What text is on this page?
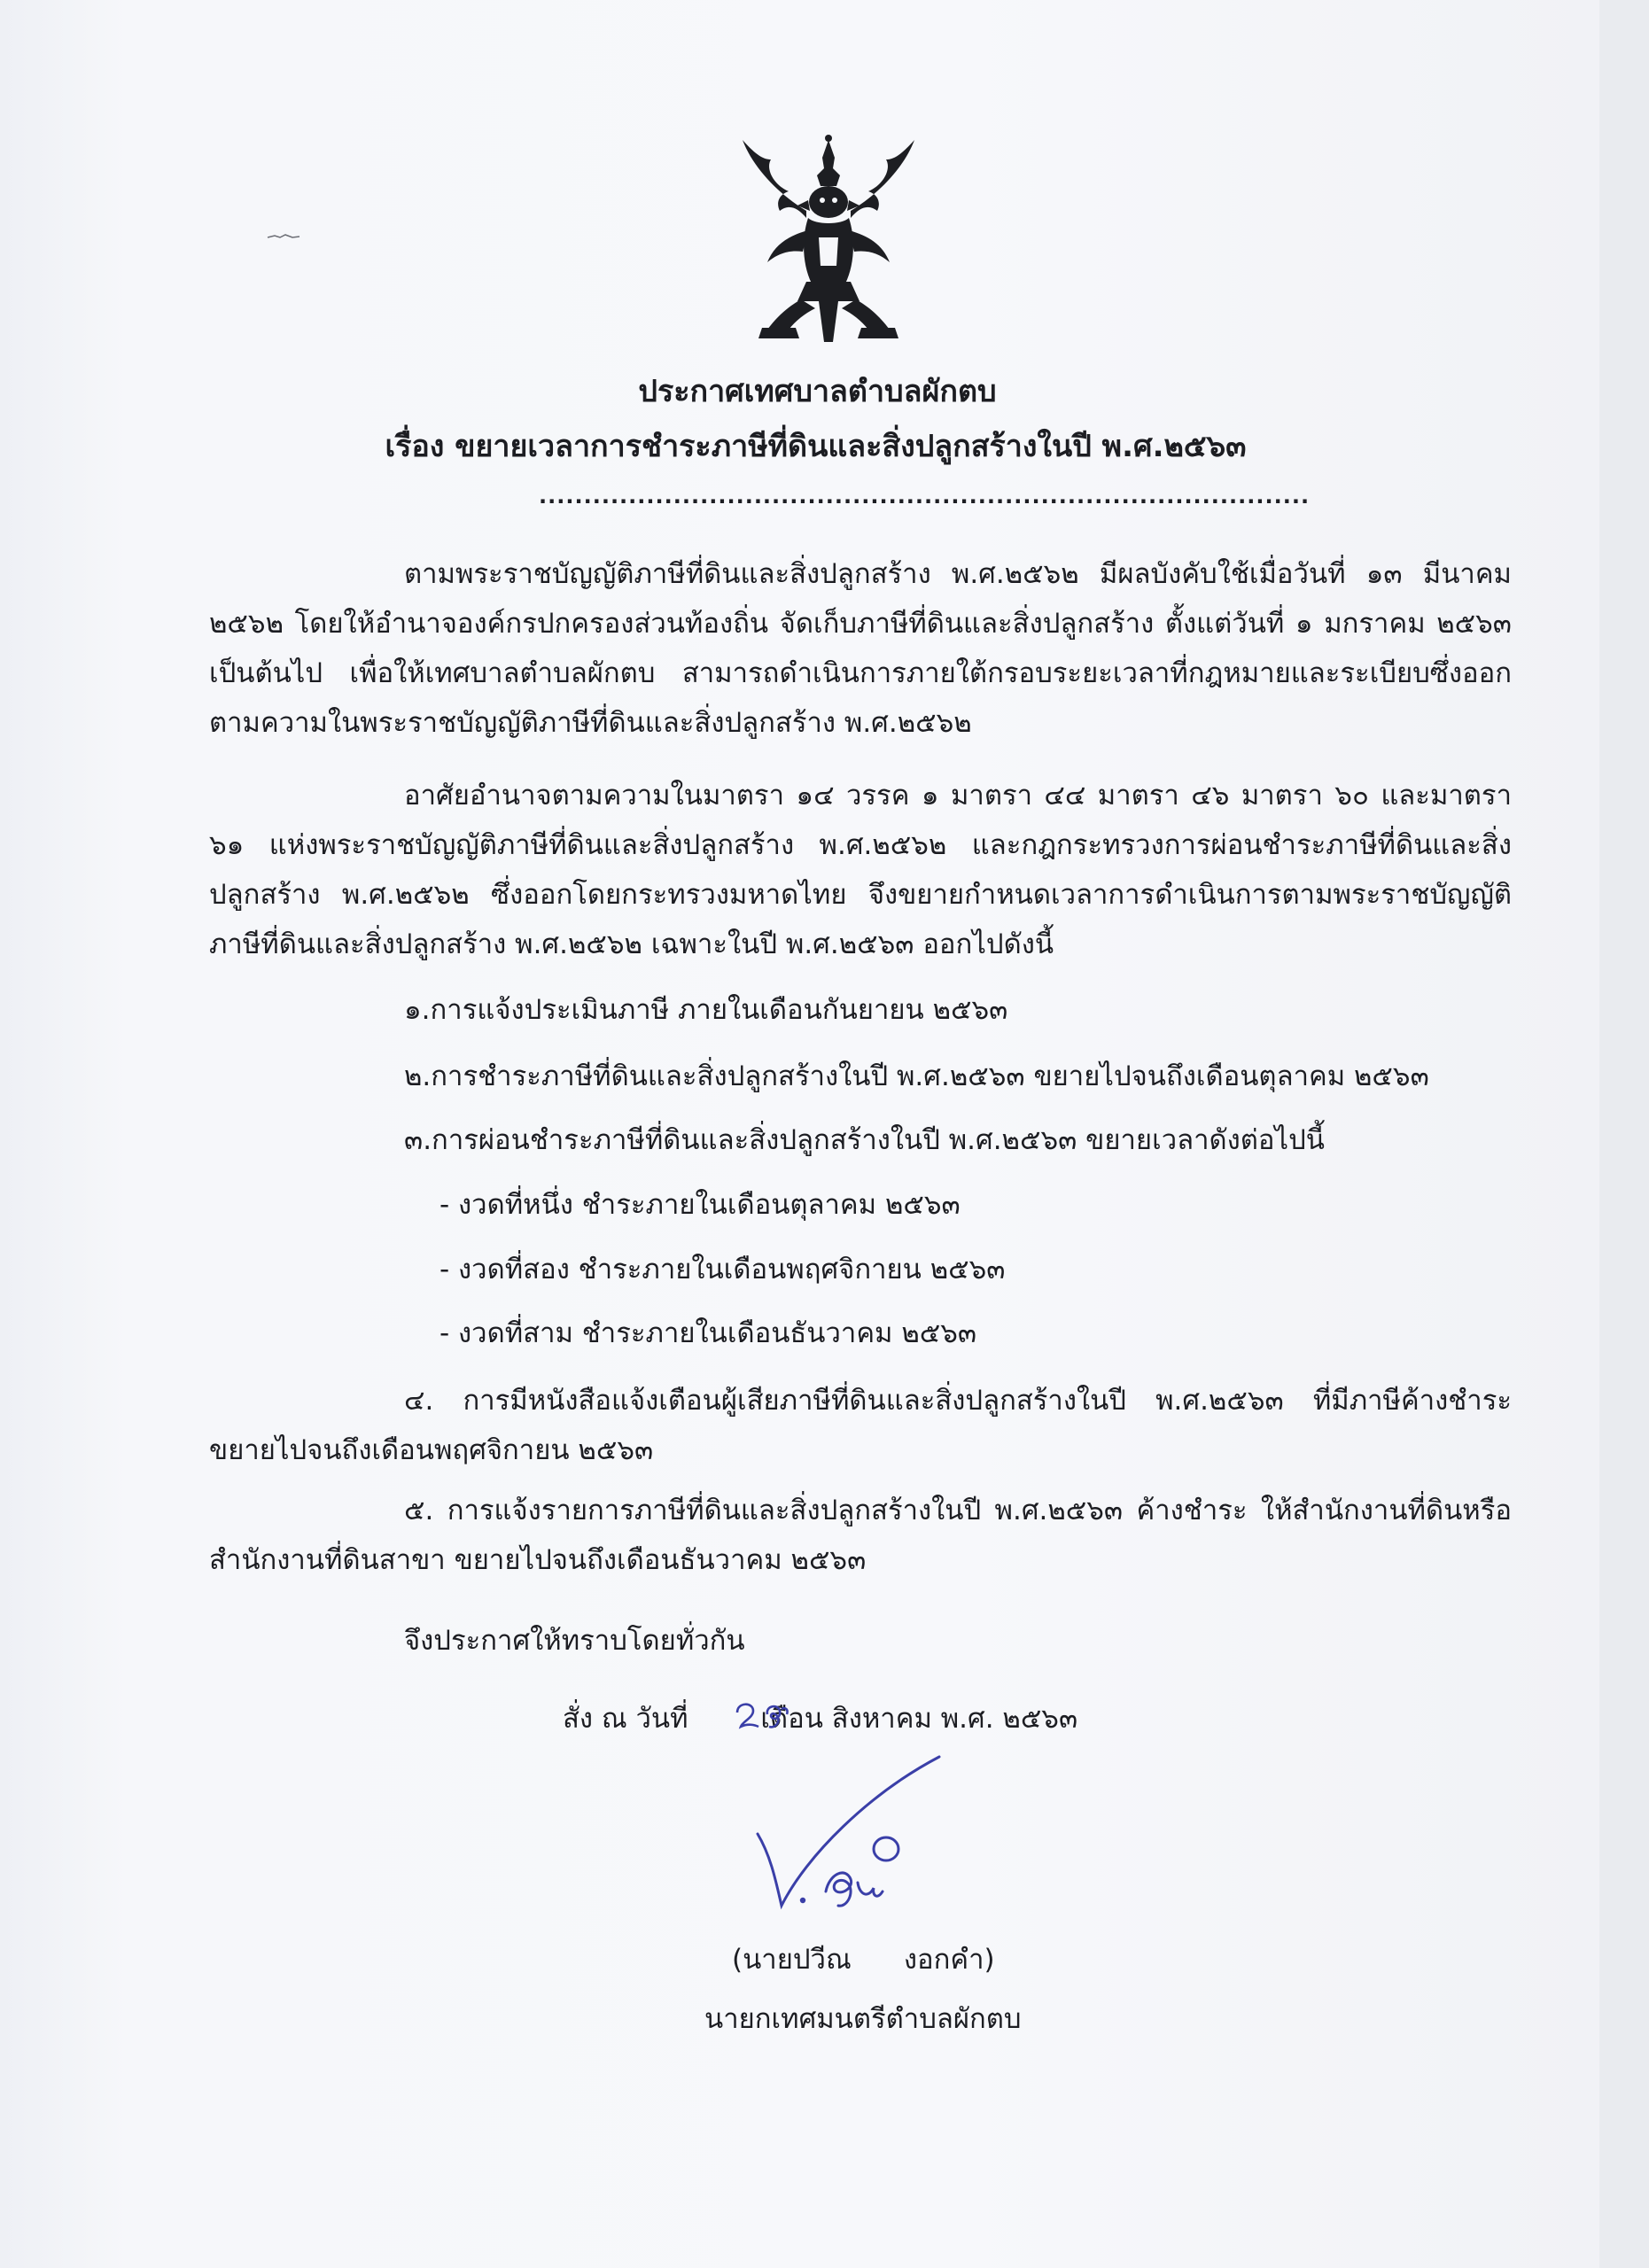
ประกาศเทศบาลตำบลผักตบ
เรื่อง ขยายเวลาการชำระภาษีที่ดินและสิ่งปลูกสร้างในปี พ.ศ.๒๕๖๓
......................................................................................
ตามพระราชบัญญัติภาษีที่ดินและสิ่งปลูกสร้าง พ.ศ.๒๕๖๒ มีผลบังคับใช้เมื่อวันที่ ๑๓ มีนาคม ๒๕๖๒ โดยให้อำนาจองค์กรปกครองส่วนท้องถิ่น จัดเก็บภาษีที่ดินและสิ่งปลูกสร้าง ตั้งแต่วันที่ ๑ มกราคม ๒๕๖๓ เป็นต้นไป เพื่อให้เทศบาลตำบลผักตบ สามารถดำเนินการภายใต้กรอบระยะเวลาที่กฎหมายและระเบียบซึ่งออกตามความในพระราชบัญญัติภาษีที่ดินและสิ่งปลูกสร้าง พ.ศ.๒๕๖๒
อาศัยอำนาจตามความในมาตรา ๑๔ วรรค ๑ มาตรา ๔๔ มาตรา ๔๖ มาตรา ๖๐ และมาตรา ๖๑ แห่งพระราชบัญญัติภาษีที่ดินและสิ่งปลูกสร้าง พ.ศ.๒๕๖๒ และกฎกระทรวงการผ่อนชำระภาษีที่ดินและสิ่งปลูกสร้าง พ.ศ.๒๕๖๒ ซึ่งออกโดยกระทรวงมหาดไทย จึงขยายกำหนดเวลาการดำเนินการตามพระราชบัญญัติภาษีที่ดินและสิ่งปลูกสร้าง พ.ศ.๒๕๖๒ เฉพาะในปี พ.ศ.๒๕๖๓ ออกไปดังนี้
๑.การแจ้งประเมินภาษี ภายในเดือนกันยายน ๒๕๖๓
๒.การชำระภาษีที่ดินและสิ่งปลูกสร้างในปี พ.ศ.๒๕๖๓ ขยายไปจนถึงเดือนตุลาคม ๒๕๖๓
๓.การผ่อนชำระภาษีที่ดินและสิ่งปลูกสร้างในปี พ.ศ.๒๕๖๓ ขยายเวลาดังต่อไปนี้
- งวดที่หนึ่ง ชำระภายในเดือนตุลาคม ๒๕๖๓
- งวดที่สอง ชำระภายในเดือนพฤศจิกายน ๒๕๖๓
- งวดที่สาม ชำระภายในเดือนธันวาคม ๒๕๖๓
๔. การมีหนังสือแจ้งเตือนผู้เสียภาษีที่ดินและสิ่งปลูกสร้างในปี พ.ศ.๒๕๖๓ ที่มีภาษีค้างชำระขยายไปจนถึงเดือนพฤศจิกายน ๒๕๖๓
๕. การแจ้งรายการภาษีที่ดินและสิ่งปลูกสร้างในปี พ.ศ.๒๕๖๓ ค้างชำระ ให้สำนักงานที่ดินหรือสำนักงานที่ดินสาขา ขยายไปจนถึงเดือนธันวาคม ๒๕๖๓
จึงประกาศให้ทราบโดยทั่วกัน
สั่ง ณ วันที่ เดือน สิงหาคม พ.ศ. ๒๕๖๓
(นายปวีณ      งอกคำ)
นายกเทศมนตรีตำบลผักตบ
